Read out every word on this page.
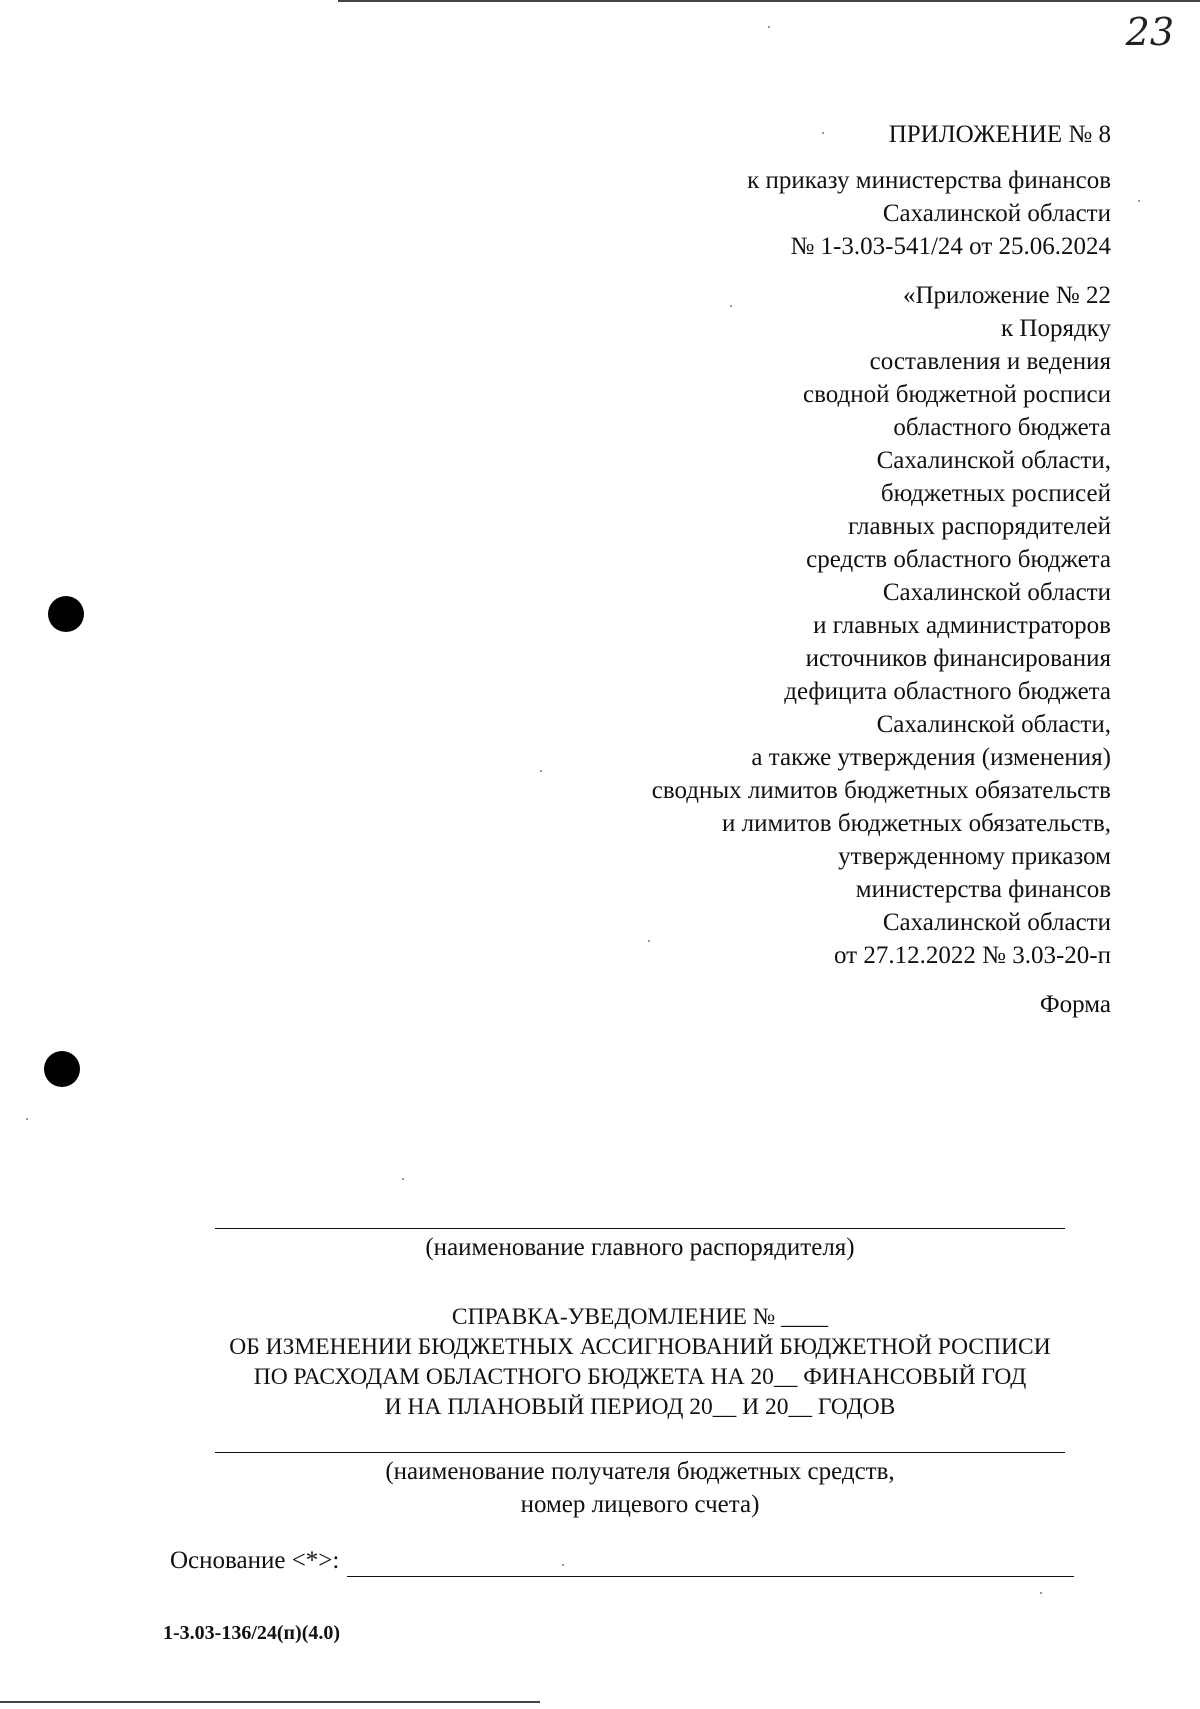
23
ПРИЛОЖЕНИЕ № 8
к приказу министерства финансов
Сахалинской области
№ 1-3.03-541/24 от 25.06.2024
«Приложение № 22
к Порядку
составления и ведения
сводной бюджетной росписи
областного бюджета
Сахалинской области,
бюджетных росписей
главных распорядителей
средств областного бюджета
Сахалинской области
и главных администраторов
источников финансирования
дефицита областного бюджета
Сахалинской области,
а также утверждения (изменения)
сводных лимитов бюджетных обязательств
и лимитов бюджетных обязательств,
утвержденному приказом
министерства финансов
Сахалинской области
от 27.12.2022 № 3.03-20-п
Форма
(наименование главного распорядителя)
СПРАВКА-УВЕДОМЛЕНИЕ № ____
ОБ ИЗМЕНЕНИИ БЮДЖЕТНЫХ АССИГНОВАНИЙ БЮДЖЕТНОЙ РОСПИСИ
ПО РАСХОДАМ ОБЛАСТНОГО БЮДЖЕТА НА 20__ ФИНАНСОВЫЙ ГОД
И НА ПЛАНОВЫЙ ПЕРИОД 20__ И 20__ ГОДОВ
(наименование получателя бюджетных средств,
номер лицевого счета)
Основание <*>:
1-3.03-136/24(п)(4.0)
